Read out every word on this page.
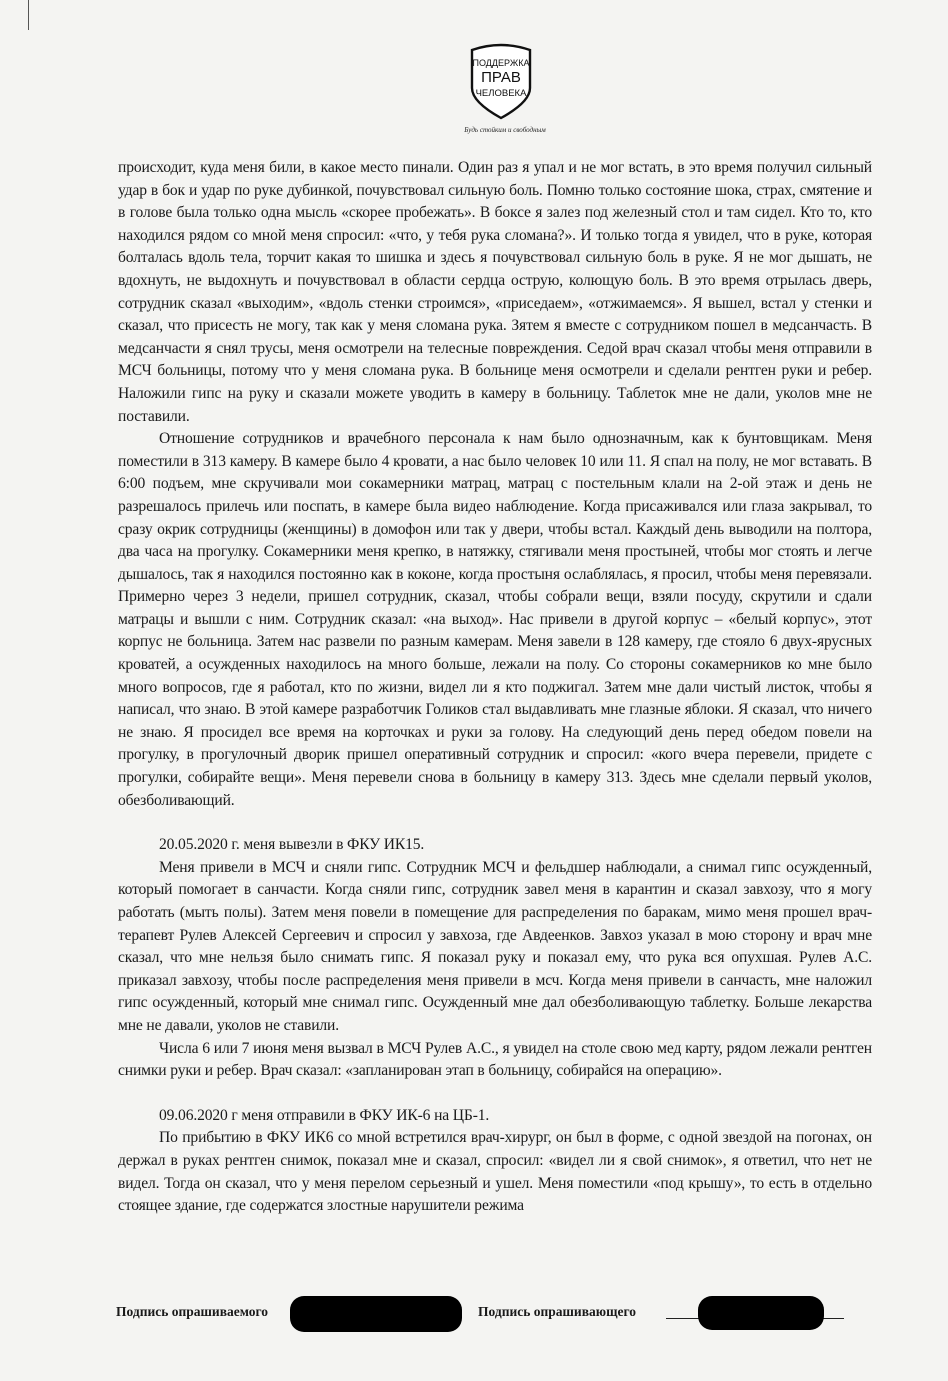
ПОДДЕРЖКА
ПРАВ
ЧЕЛОВЕКА
Будь стойким и свободным

происходит, куда меня били, в какое место пинали. Один раз я упал и не мог встать, в это время получил сильный удар в бок и удар по руке дубинкой, почувствовал сильную боль. Помню только состояние шока, страх, смятение и в голове была только одна мысль «скорее пробежать». В боксе я залез под железный стол и там сидел. Кто то, кто находился рядом со мной меня спросил: «что, у тебя рука сломана?». И только тогда я увидел, что в руке, которая болталась вдоль тела, торчит какая то шишка и здесь я почувствовал сильную боль в руке. Я не мог дышать, не вдохнуть, не выдохнуть и почувствовал в области сердца острую, колющую боль. В это время отрылась дверь, сотрудник сказал «выходим», «вдоль стенки строимся», «приседаем», «отжимаемся». Я вышел, встал у стенки и сказал, что присесть не могу, так как у меня сломана рука. Зятем я вместе с сотрудником пошел в медсанчасть. В медсанчасти я снял трусы, меня осмотрели на телесные повреждения. Седой врач сказал чтобы меня отправили в МСЧ больницы, потому что у меня сломана рука. В больнице меня осмотрели и сделали рентген руки и ребер. Наложили гипс на руку и сказали можете уводить в камеру в больницу. Таблеток мне не дали, уколов мне не поставили.

Отношение сотрудников и врачебного персонала к нам было однозначным, как к бунтовщикам. Меня поместили в 313 камеру. В камере было 4 кровати, а нас было человек 10 или 11. Я спал на полу, не мог вставать. В 6:00 подъем, мне скручивали мои сокамерники матрац, матрац с постельным клали на 2-ой этаж и день не разрешалось прилечь или поспать, в камере была видео наблюдение. Когда присаживался или глаза закрывал, то сразу окрик сотрудницы (женщины) в домофон или так у двери, чтобы встал. Каждый день выводили на полтора, два часа на прогулку. Сокамерники меня крепко, в натяжку, стягивали меня простыней, чтобы мог стоять и легче дышалось, так я находился постоянно как в коконе, когда простыня ослаблялась, я просил, чтобы меня перевязали. Примерно через 3 недели, пришел сотрудник, сказал, чтобы собрали вещи, взяли посуду, скрутили и сдали матрацы и вышли с ним. Сотрудник сказал: «на выход». Нас привели в другой корпус – «белый корпус», этот корпус не больница. Затем нас развели по разным камерам. Меня завели в 128 камеру, где стояло 6 двух-ярусных кроватей, а осужденных находилось на много больше, лежали на полу. Со стороны сокамерников ко мне было много вопросов, где я работал, кто по жизни, видел ли я кто поджигал. Затем мне дали чистый листок, чтобы я написал, что знаю. В этой камере разработчик Голиков стал выдавливать мне глазные яблоки. Я сказал, что ничего не знаю. Я просидел все время на корточках и руки за голову. На следующий день перед обедом повели на прогулку, в прогулочный дворик пришел оперативный сотрудник и спросил: «кого вчера перевели, придете с прогулки, собирайте вещи». Меня перевели снова в больницу в камеру 313. Здесь мне сделали первый уколов, обезболивающий.

20.05.2020 г. меня вывезли в ФКУ ИК15.

Меня привели в МСЧ и сняли гипс. Сотрудник МСЧ и фельдшер наблюдали, а снимал гипс осужденный, который помогает в санчасти. Когда сняли гипс, сотрудник завел меня в карантин и сказал завхозу, что я могу работать (мыть полы). Затем меня повели в помещение для распределения по баракам, мимо меня прошел врач-терапевт Рулев Алексей Сергеевич и спросил у завхоза, где Авдеенков. Завхоз указал в мою сторону и врач мне сказал, что мне нельзя было снимать гипс. Я показал руку и показал ему, что рука вся опухшая. Рулев А.С. приказал завхозу, чтобы после распределения меня привели в мсч. Когда меня привели в санчасть, мне наложил гипс осужденный, который мне снимал гипс. Осужденный мне дал обезболивающую таблетку. Больше лекарства мне не давали, уколов не ставили.

Числа 6 или 7 июня меня вызвал в МСЧ Рулев А.С., я увидел на столе свою мед карту, рядом лежали рентген снимки руки и ребер. Врач сказал: «запланирован этап в больницу, собирайся на операцию».

09.06.2020 г меня отправили в ФКУ ИК-6 на ЦБ-1.

По прибытию в ФКУ ИК6 со мной встретился врач-хирург, он был в форме, с одной звездой на погонах, он держал в руках рентген снимок, показал мне и сказал, спросил: «видел ли я свой снимок», я ответил, что нет не видел. Тогда он сказал, что у меня перелом серьезный и ушел. Меня поместили «под крышу», то есть в отдельно стоящее здание, где содержатся злостные нарушители режима

Подпись опрашиваемого	Подпись опрашивающего
